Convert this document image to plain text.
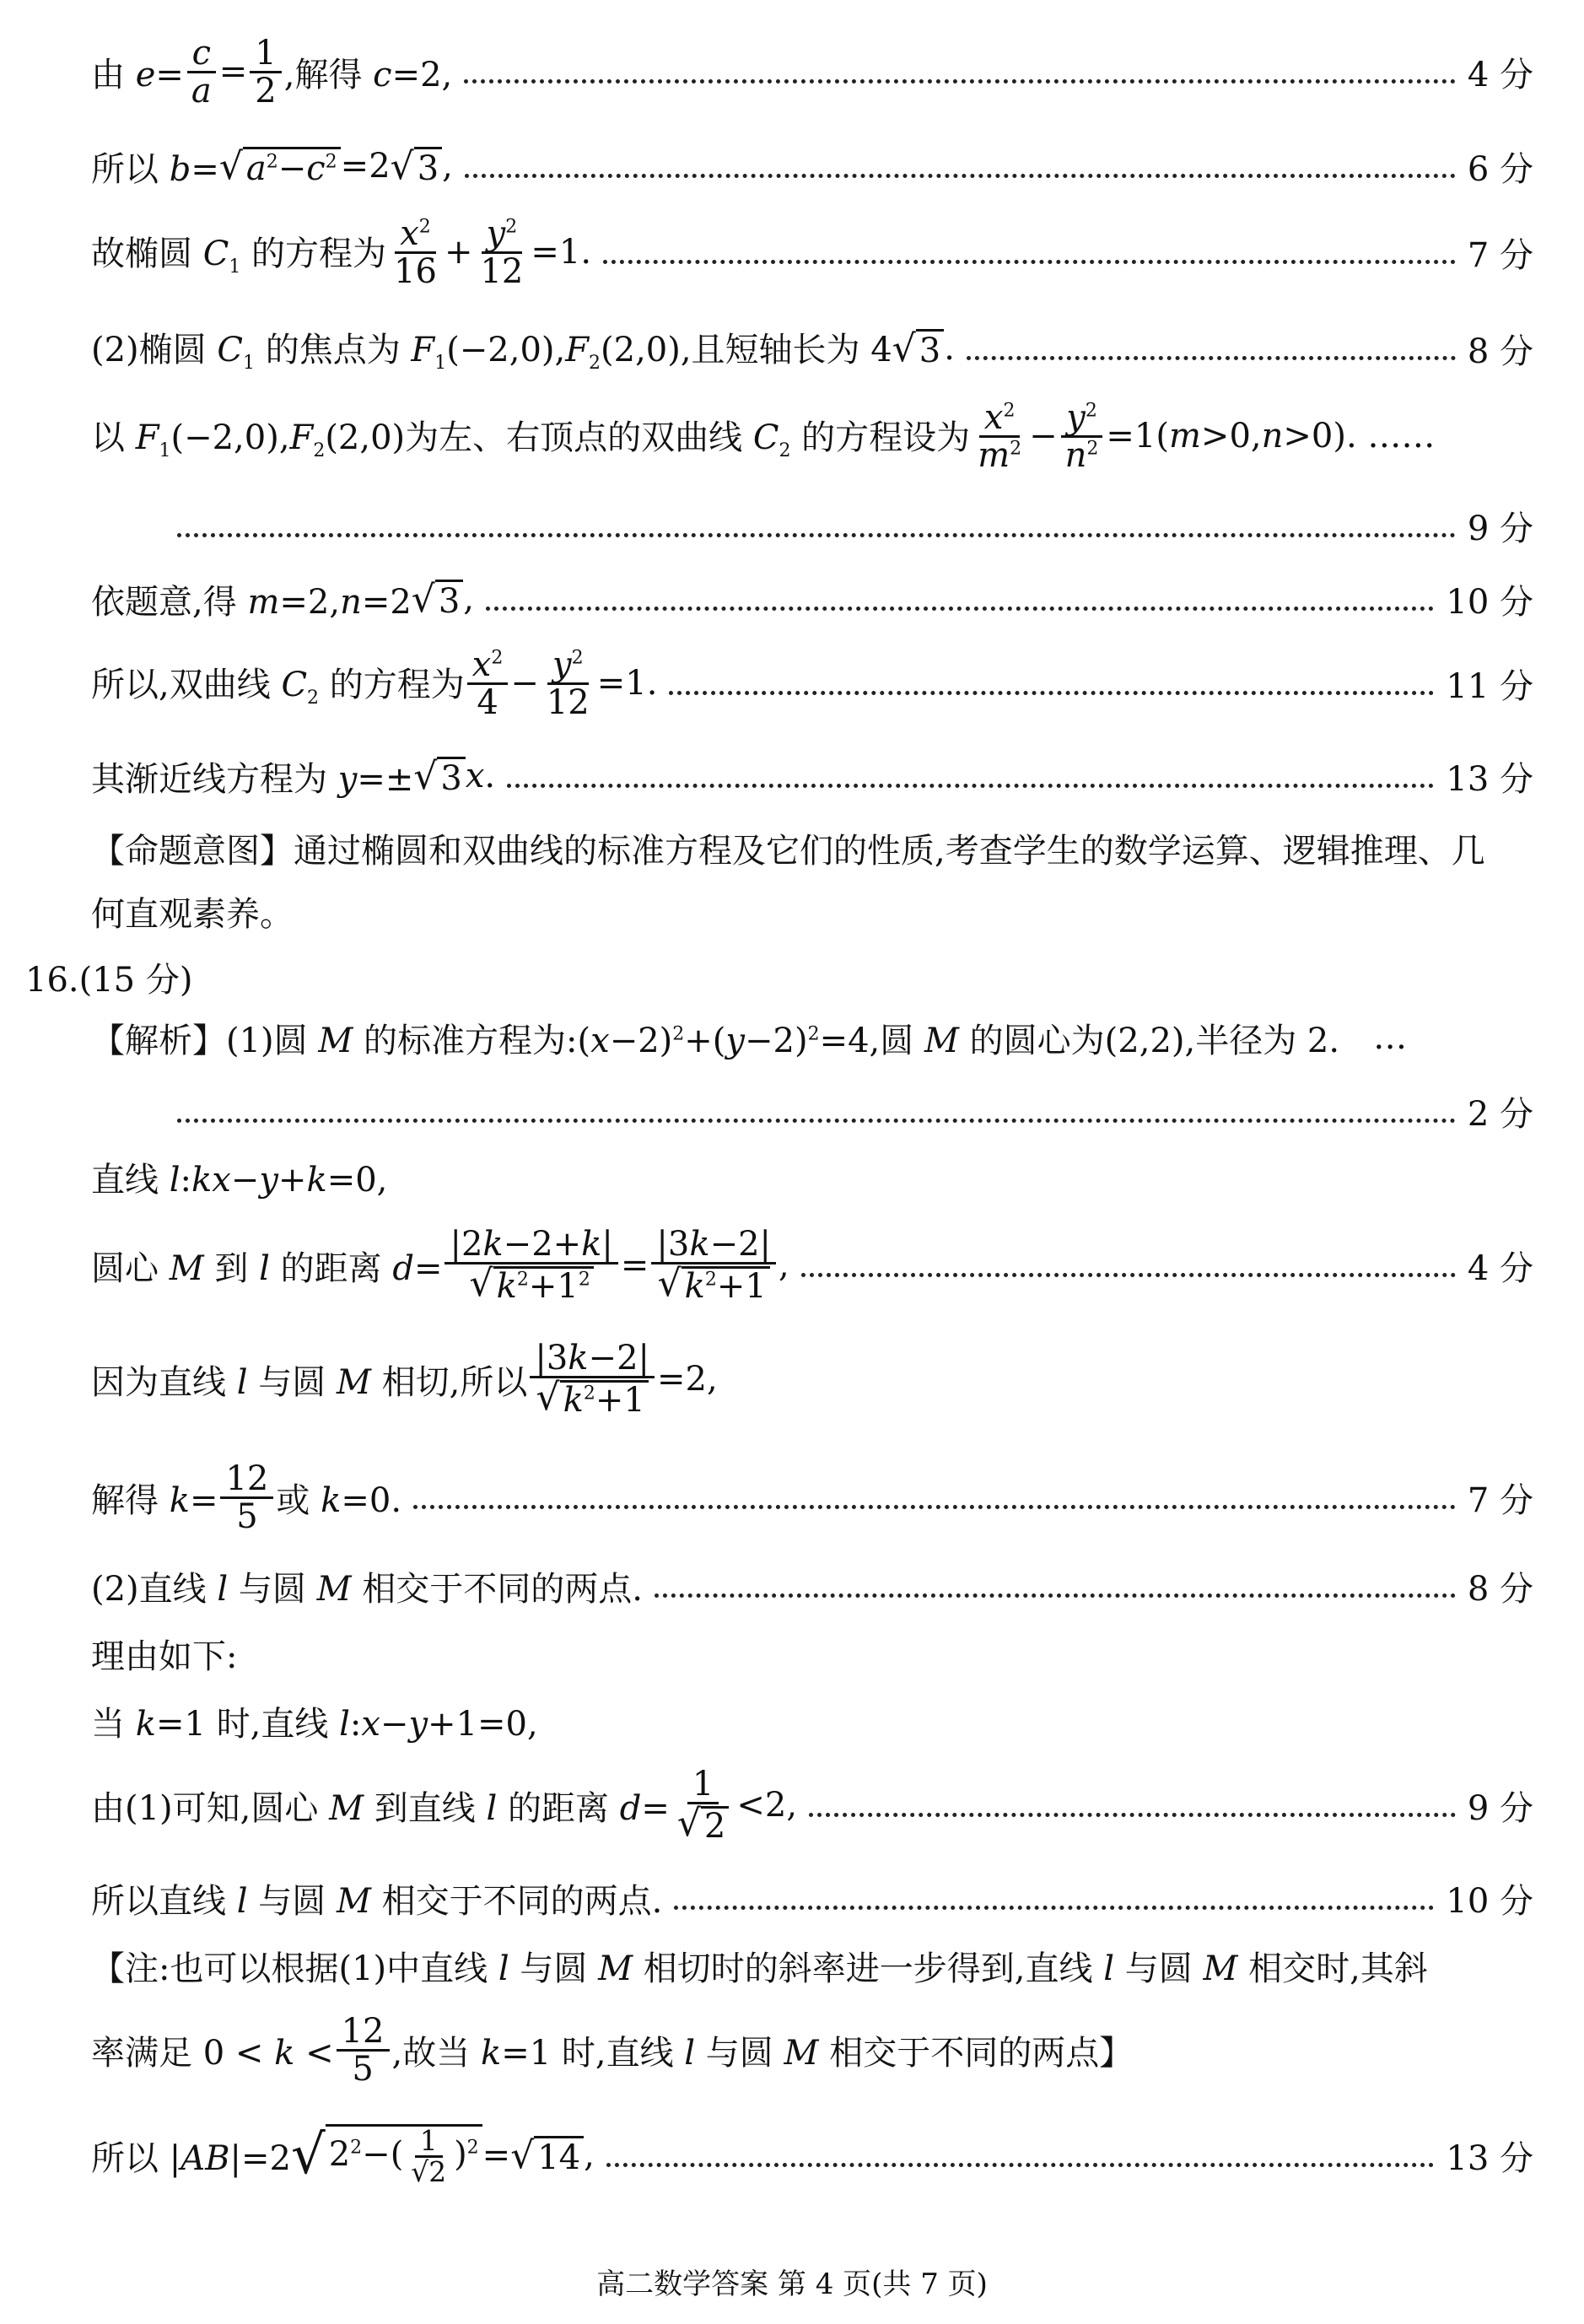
由 $e= \frac{c}{a} = \frac{1}{2}$ ,解得 c=2,	4 分
所以 b= √ $a^2-c^2 =2$ √ 3 ,	6 分
故椭圆 $C_1$ 的方程为 $\frac{x^2}{16} + \frac{y^2}{12} =1$.	7 分
(2)椭圆 $C_1$ 的焦点为 $F_1(-2,0),F_2(2,0)$,且短轴长为 4 √ 3 .	8 分
以 $F_1(-2,0),F_2(2,0)$为左、右顶点的双曲线 $C_2$ 的方程设为 $\frac{x^2}{m^2} - \frac{y^2}{n^2} =1(m>0,n>0)$. ……
9 分
依题意,得 m=2,n=2 √ 3 ,	10 分
所以,双曲线 $C_2$ 的方程为 $\frac{x^2}{4} - \frac{y^2}{12} =1$.	11 分
其渐近线方程为 y=± √ 3 x.	13 分
【命题意图】通过椭圆和双曲线的标准方程及它们的性质,考查学生的数学运算、逻辑推理、几
何直观素养。
16.(15 分)
【解析】(1)圆 M 的标准方程为$:(x-2)^2+(y-2)^2=4$,圆 M 的圆心为(2,2),半径为 2. …
2 分
直线 l:kx−y+k=0,
圆心 M 到 l 的距离 $d= \frac{|2k-2+k|}{√ k^2+1^2} = \frac{|3k-2|}{√ k^2+1}$ ,	4 分
因为直线 l 与圆 M 相切,所以 $\frac{|3k-2|}{√ k^2+1} =2$,
解得 $k= \frac{12}{5}$ 或 k=0.	7 分
(2)直线 l 与圆 M 相交于不同的两点.	8 分
理由如下:
当 k=1 时,直线 l:x−y+1=0,
由(1)可知,圆心 M 到直线 l 的距离 $d= \frac{1}{√ 2} <2$,	9 分
所以直线 l 与圆 M 相交于不同的两点.	10 分
【注:也可以根据(1)中直线 l 与圆 M 相切时的斜率进一步得到,直线 l 与圆 M 相交时,其斜
率满足 $0 < k < \frac{12}{5}$ ,故当 k=1 时,直线 l 与圆 M 相交于不同的两点】
所以 |AB|=2 √ $2^2-( \frac{1}{√2} )^2$ = √ 14 ,	13 分
高二数学答案 第 4 页(共 7 页)
